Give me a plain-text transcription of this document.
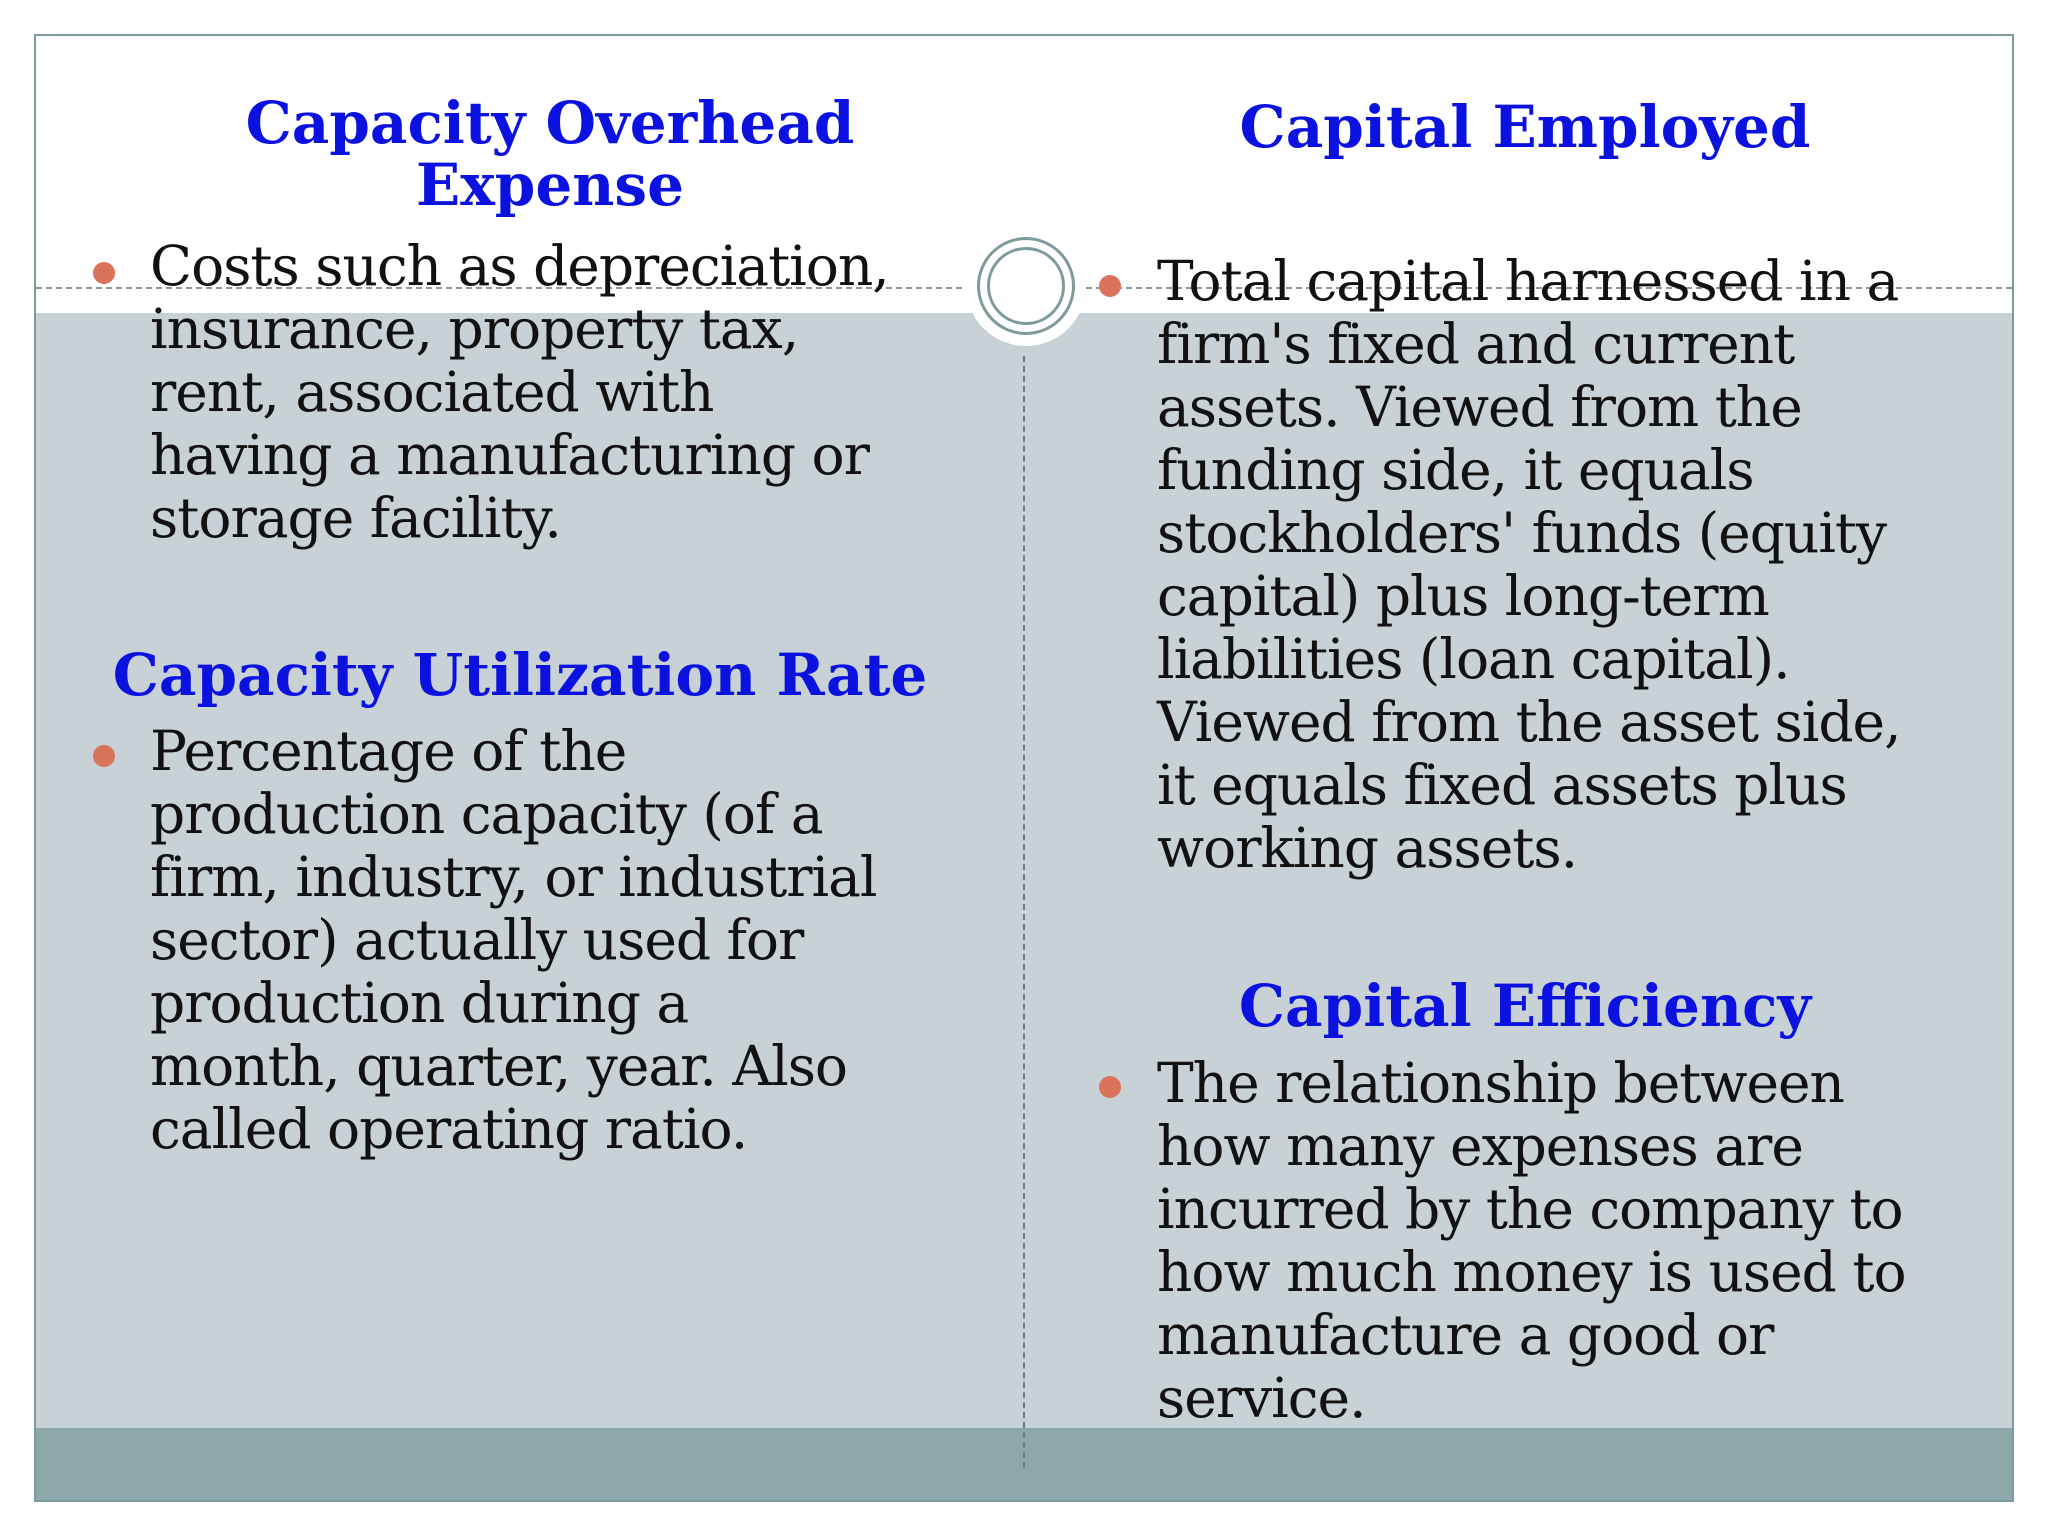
Capacity Overhead
Expense

Costs such as depreciation,
insurance, property tax,
rent, associated with
having a manufacturing or
storage facility.

Capacity Utilization Rate

Percentage of the
production capacity (of a
firm, industry, or industrial
sector) actually used for
production during a
month, quarter, year. Also
called operating ratio.

Capital Employed

Total capital harnessed in a
firm's fixed and current
assets. Viewed from the
funding side, it equals
stockholders' funds (equity
capital) plus long-term
liabilities (loan capital).
Viewed from the asset side,
it equals fixed assets plus
working assets.

Capital Efficiency

The relationship between
how many expenses are
incurred by the company to
how much money is used to
manufacture a good or
service.
